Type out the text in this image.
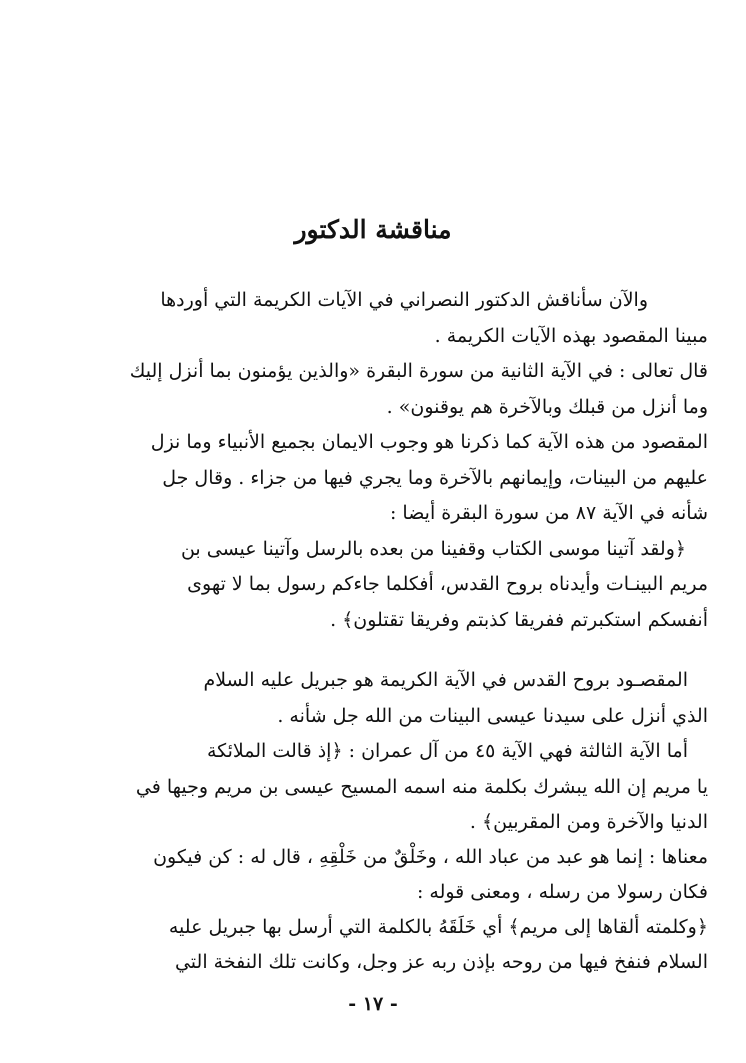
مناقشة الدكتور
والآن سأناقش الدكتور النصراني في الآيات الكريمة التي أوردها
مبينا المقصود بهذه الآيات الكريمة .
قال تعالى : في الآية الثانية من سورة البقرة «والذين يؤمنون بما أنزل إليك
وما أنزل من قبلك وبالآخرة هم يوقنون» .
المقصود من هذه الآية كما ذكرنا هو وجوب الايمان بجميع الأنبياء وما نزل
عليهم من البينات، وإيمانهم بالآخرة وما يجري فيها من جزاء . وقال جل
شأنه في الآية ٨٧ من سورة البقرة أيضا :
﴿ولقد آتينا موسى الكتاب وقفينا من بعده بالرسل وآتينا عيسى بن
مريم البينـات وأيدناه بروح القدس، أفكلما جاءكم رسول بما لا تهوى
أنفسكم استكبرتم ففريقا كذبتم وفريقا تقتلون﴾ .
المقصـود بروح القدس في الآية الكريمة هو جبريل عليه السلام
الذي أنزل على سيدنا عيسى البينات من الله جل شأنه .
أما الآية الثالثة فهي الآية ٤٥ من آل عمران : ﴿إذ قالت الملائكة
يا مريم إن الله يبشرك بكلمة منه اسمه المسيح عيسى بن مريم وجيها في
الدنيا والآخرة ومن المقربين﴾ .
معناها : إنما هو عبد من عباد الله ، وخَلْقٌ من خَلْقِهِ ، قال له : كن فيكون
فكان رسولا من رسله ، ومعنى قوله :
﴿وكلمته ألقاها إلى مريم﴾ أي خَلَقَهُ بالكلمة التي أرسل بها جبريل عليه
السلام فنفخ فيها من روحه بإذن ربه عز وجل، وكانت تلك النفخة التي
- ١٧ -
